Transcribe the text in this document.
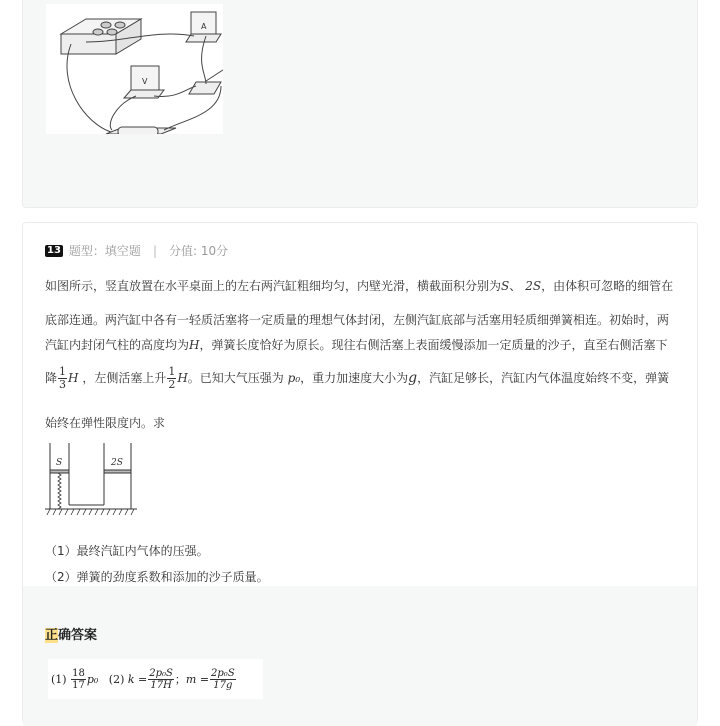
A
V
13 题型：填空题 | 分值: 10分
如图所示，竖直放置在水平桌面上的左右两汽缸粗细均匀，内壁光滑，横截面积分别为S、 2S，由体积可忽略的细管在
底部连通。两汽缸中各有一轻质活塞将一定质量的理想气体封闭，左侧汽缸底部与活塞用轻质细弹簧相连。初始时，两
汽缸内封闭气柱的高度均为H，弹簧长度恰好为原长。现往右侧活塞上表面缓慢添加一定质量的沙子，直至右侧活塞下
降 $\frac{1}{3}$ H ，左侧活塞上升 $\frac{1}{2}$ H。已知大气压强为 p₀，重力加速度大小为g，汽缸足够长，汽缸内气体温度始终不变，弹簧
始终在弹性限度内。求
S	2S
（1）最终汽缸内气体的压强。
（2）弹簧的劲度系数和添加的沙子质量。
正确答案
(1)
$\frac{18}{17} p_0$
(2)
$k = \frac{\text{2p₀S}}{17H}$ ； $m = \frac{\text{2p₀S}}{17g}$
